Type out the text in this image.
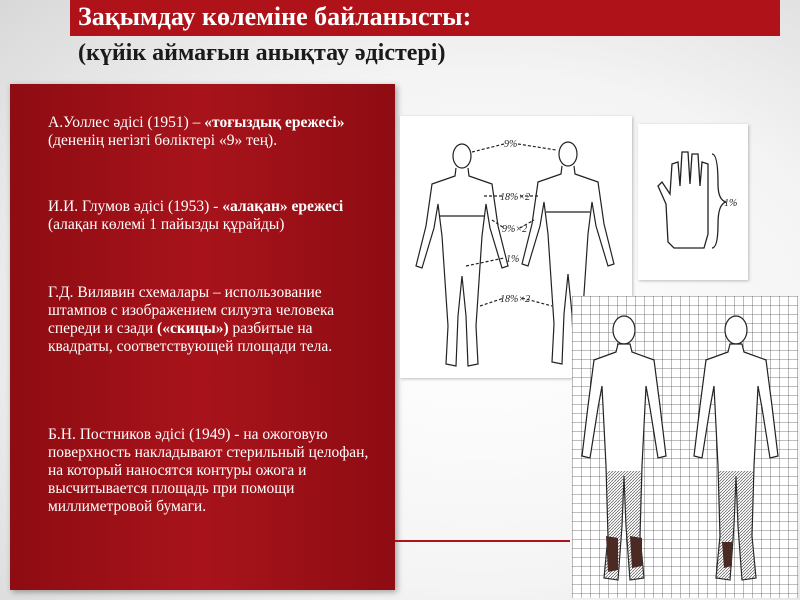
Зақымдау көлеміне байланысты:
(күйік аймағын анықтау әдістері)
А.Уоллес әдісі (1951) – «тоғыздық ережесі» (дененің негізгі бөліктері «9» тең).
И.И. Глумов әдісі (1953) - «алақан» ережесі (алақан көлемі 1 пайызды құрайды)
Г.Д. Вилявин схемалары – использование штампов с изображением силуэта человека спереди и сзади («скицы») разбитые на квадраты, соответствующей площади тела.
Б.Н. Постников әдісі (1949) - на ожоговую поверхность накладывают стерильный целофан, на который наносятся контуры ожога и высчитывается площадь при помощи миллиметровой бумаги.
9%
18%×2
9%×2
1%
18%×2
1%
